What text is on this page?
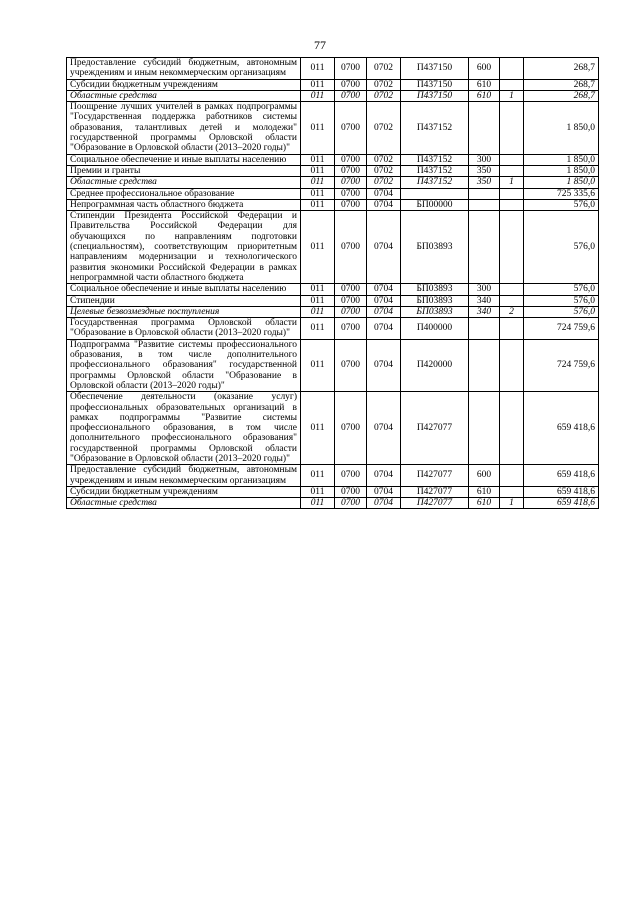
77
Предоставление субсидий бюджетным, автономным учреждениям и иным некоммерческим организациям	011	0700	0702	П437150	600		268,7
Субсидии бюджетным учреждениям	011	0700	0702	П437150	610		268,7
Областные средства	011	0700	0702	П437150	610	1	268,7
Поощрение лучших учителей в рамках подпрограммы "Государственная поддержка работников системы образования, талантливых детей и молодежи" государственной программы Орловской области "Образование в Орловской области (2013–2020 годы)"	011	0700	0702	П437152			1 850,0
Социальное обеспечение и иные выплаты населению	011	0700	0702	П437152	300		1 850,0
Премии и гранты	011	0700	0702	П437152	350		1 850,0
Областные средства	011	0700	0702	П437152	350	1	1 850,0
Среднее профессиональное образование	011	0700	0704				725 335,6
Непрограммная часть областного бюджета	011	0700	0704	БП00000			576,0
Стипендии Президента Российской Федерации и Правительства Российской Федерации для обучающихся по направлениям подготовки (специальностям), соответствующим приоритетным направлениям модернизации и технологического развития экономики Российской Федерации в рамках непрограммной части областного бюджета	011	0700	0704	БП03893			576,0
Социальное обеспечение и иные выплаты населению	011	0700	0704	БП03893	300		576,0
Стипендии	011	0700	0704	БП03893	340		576,0
Целевые безвозмездные поступления	011	0700	0704	БП03893	340	2	576,0
Государственная программа Орловской области "Образование в Орловской области (2013–2020 годы)"	011	0700	0704	П400000			724 759,6
Подпрограмма "Развитие системы профессионального образования, в том числе дополнительного профессионального образования" государственной программы Орловской области "Образование в Орловской области (2013–2020 годы)"	011	0700	0704	П420000			724 759,6
Обеспечение деятельности (оказание услуг) профессиональных образовательных организаций в рамках подпрограммы "Развитие системы профессионального образования, в том числе дополнительного профессионального образования" государственной программы Орловской области "Образование в Орловской области (2013–2020 годы)"	011	0700	0704	П427077			659 418,6
Предоставление субсидий бюджетным, автономным учреждениям и иным некоммерческим организациям	011	0700	0704	П427077	600		659 418,6
Субсидии бюджетным учреждениям	011	0700	0704	П427077	610		659 418,6
Областные средства	011	0700	0704	П427077	610	1	659 418,6
